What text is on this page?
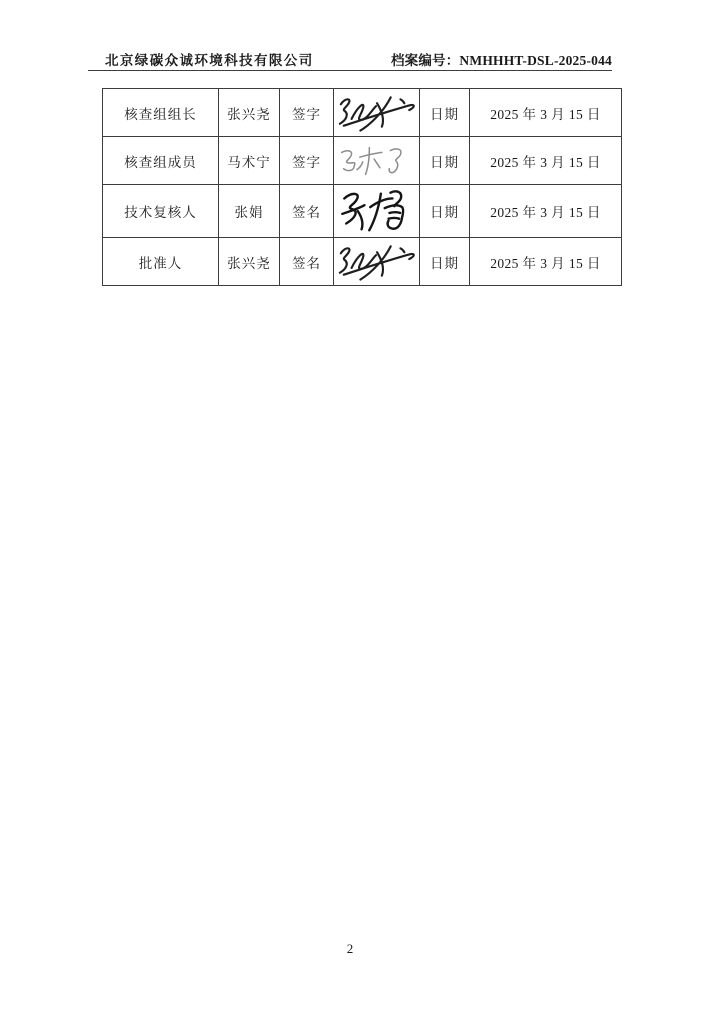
北京绿碳众诚环境科技有限公司	档案编号：NMHHHT-DSL-2025-044
核查组组长	张兴尧	签字		日期	2025 年 3 月 15 日
核查组成员	马术宁	签字		日期	2025 年 3 月 15 日
技术复核人	张娟	签名		日期	2025 年 3 月 15 日
批准人	张兴尧	签名		日期	2025 年 3 月 15 日
2
